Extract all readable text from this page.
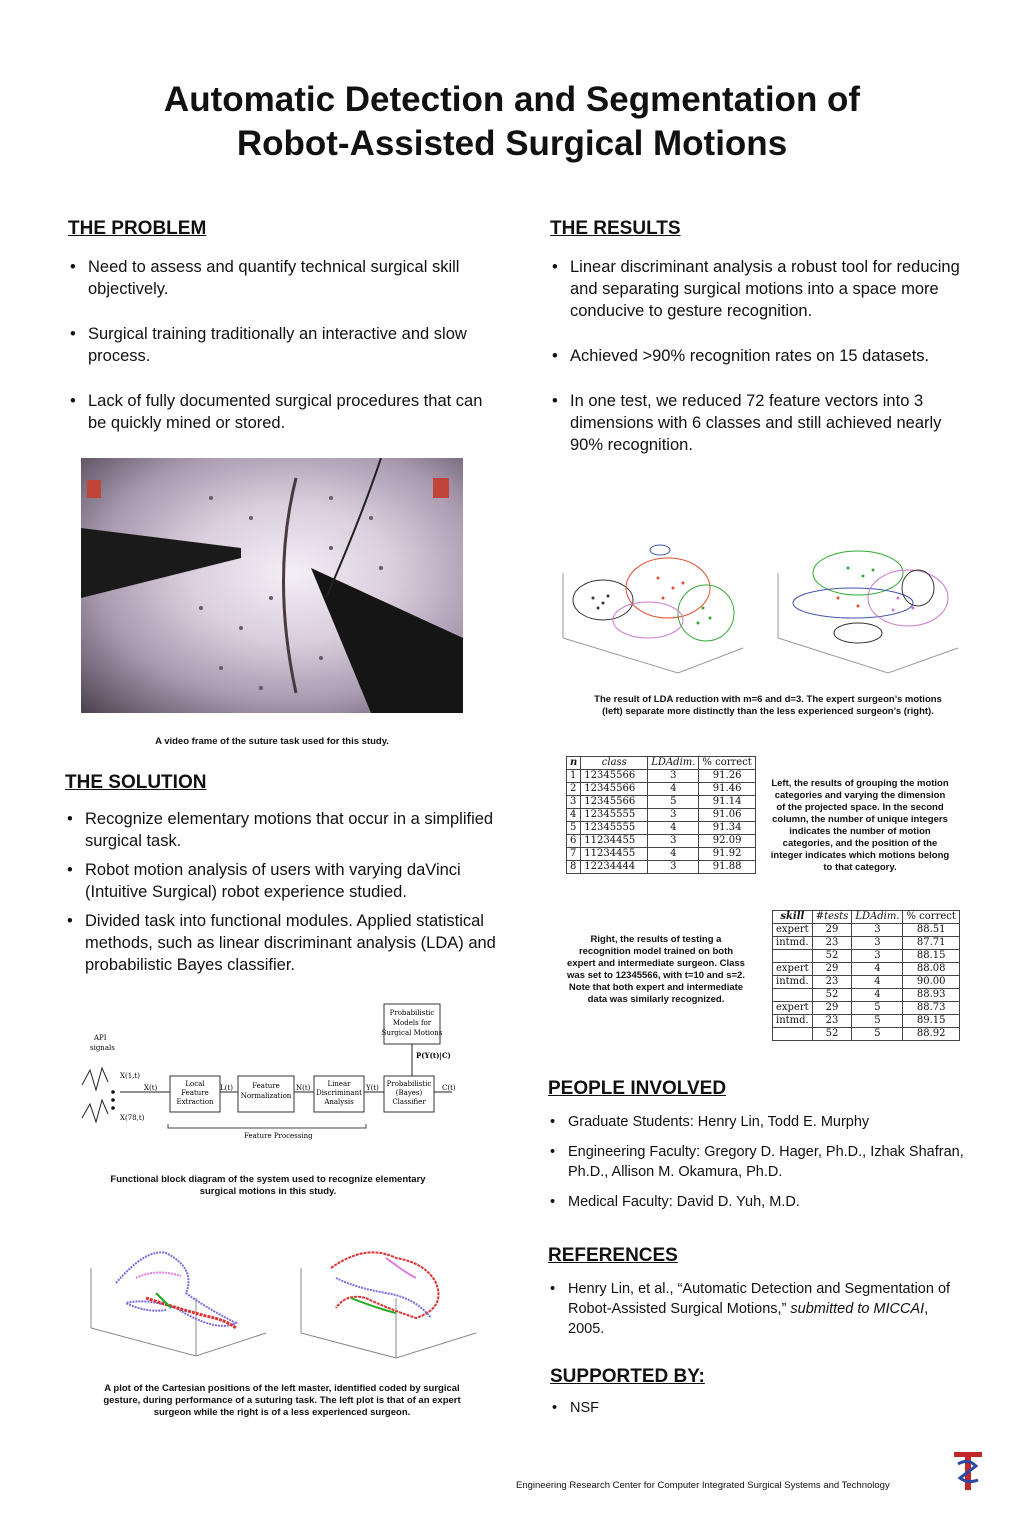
Automatic Detection and Segmentation of
Robot-Assisted Surgical Motions
THE PROBLEM
• Need to assess and quantify technical surgical skill objectively.
• Surgical training traditionally an interactive and slow process.
• Lack of fully documented surgical procedures that can be quickly mined or stored.
A video frame of the suture task used for this study.
THE SOLUTION
• Recognize elementary motions that occur in a simplified surgical task.
• Robot motion analysis of users with varying daVinci (Intuitive Surgical) robot experience studied.
• Divided task into functional modules. Applied statistical methods, such as linear discriminant analysis (LDA) and probabilistic Bayes classifier.
API
signals
X(1,t)
X(78,t)
X(t)	Local
Feature
Extraction
L(t)	Feature
Normalization
N(t) Linear
Discriminant
Analysis
Y(t) Probabilistic
(Bayes)
Classifier
C(t)
Probabilistic
Models for
Surgical Motions
P(Y(t)|C)
Feature Processing
Functional block diagram of the system used to recognize elementary surgical motions in this study.
A plot of the Cartesian positions of the left master, identified coded by surgical gesture, during performance of a suturing task. The left plot is that of an expert surgeon while the right is of a less experienced surgeon.
THE RESULTS
• Linear discriminant analysis a robust tool for reducing and separating surgical motions into a space more conducive to gesture recognition.
• Achieved >90% recognition rates on 15 datasets.
• In one test, we reduced 72 feature vectors into 3 dimensions with 6 classes and still achieved nearly 90% recognition.
The result of LDA reduction with m=6 and d=3. The expert surgeon’s motions (left) separate more distinctly than the less experienced surgeon’s (right).
n	class	LDAdim.	% correct
1	12345566	3	91.26
2	12345566	4	91.46
3	12345566	5	91.14
4	12345555	3	91.06
5	12345555	4	91.34
6	11234455	3	92.09
7	11234455	4	91.92
8	12234444	3	91.88
Left, the results of grouping the motion categories and varying the dimension of the projected space. In the second column, the number of unique integers indicates the number of motion categories, and the position of the integer indicates which motions belong to that category.
Right, the results of testing a recognition model trained on both expert and intermediate surgeon. Class was set to 12345566, with t=10 and s=2. Note that both expert and intermediate data was similarly recognized.
skill	#tests	LDAdim.	% correct
expert	29	3	88.51
intmd.	23	3	87.71
	52	3	88.15
expert	29	4	88.08
intmd.	23	4	90.00
	52	4	88.93
expert	29	5	88.73
intmd.	23	5	89.15
	52	5	88.92
PEOPLE INVOLVED
• Graduate Students: Henry Lin, Todd E. Murphy
• Engineering Faculty: Gregory D. Hager, Ph.D., Izhak Shafran, Ph.D., Allison M. Okamura, Ph.D.
• Medical Faculty: David D. Yuh, M.D.
REFERENCES
• Henry Lin, et al., “Automatic Detection and Segmentation of Robot-Assisted Surgical Motions,” submitted to MICCAI, 2005.
SUPPORTED BY:
• NSF
Engineering Research Center for Computer Integrated Surgical Systems and Technology
